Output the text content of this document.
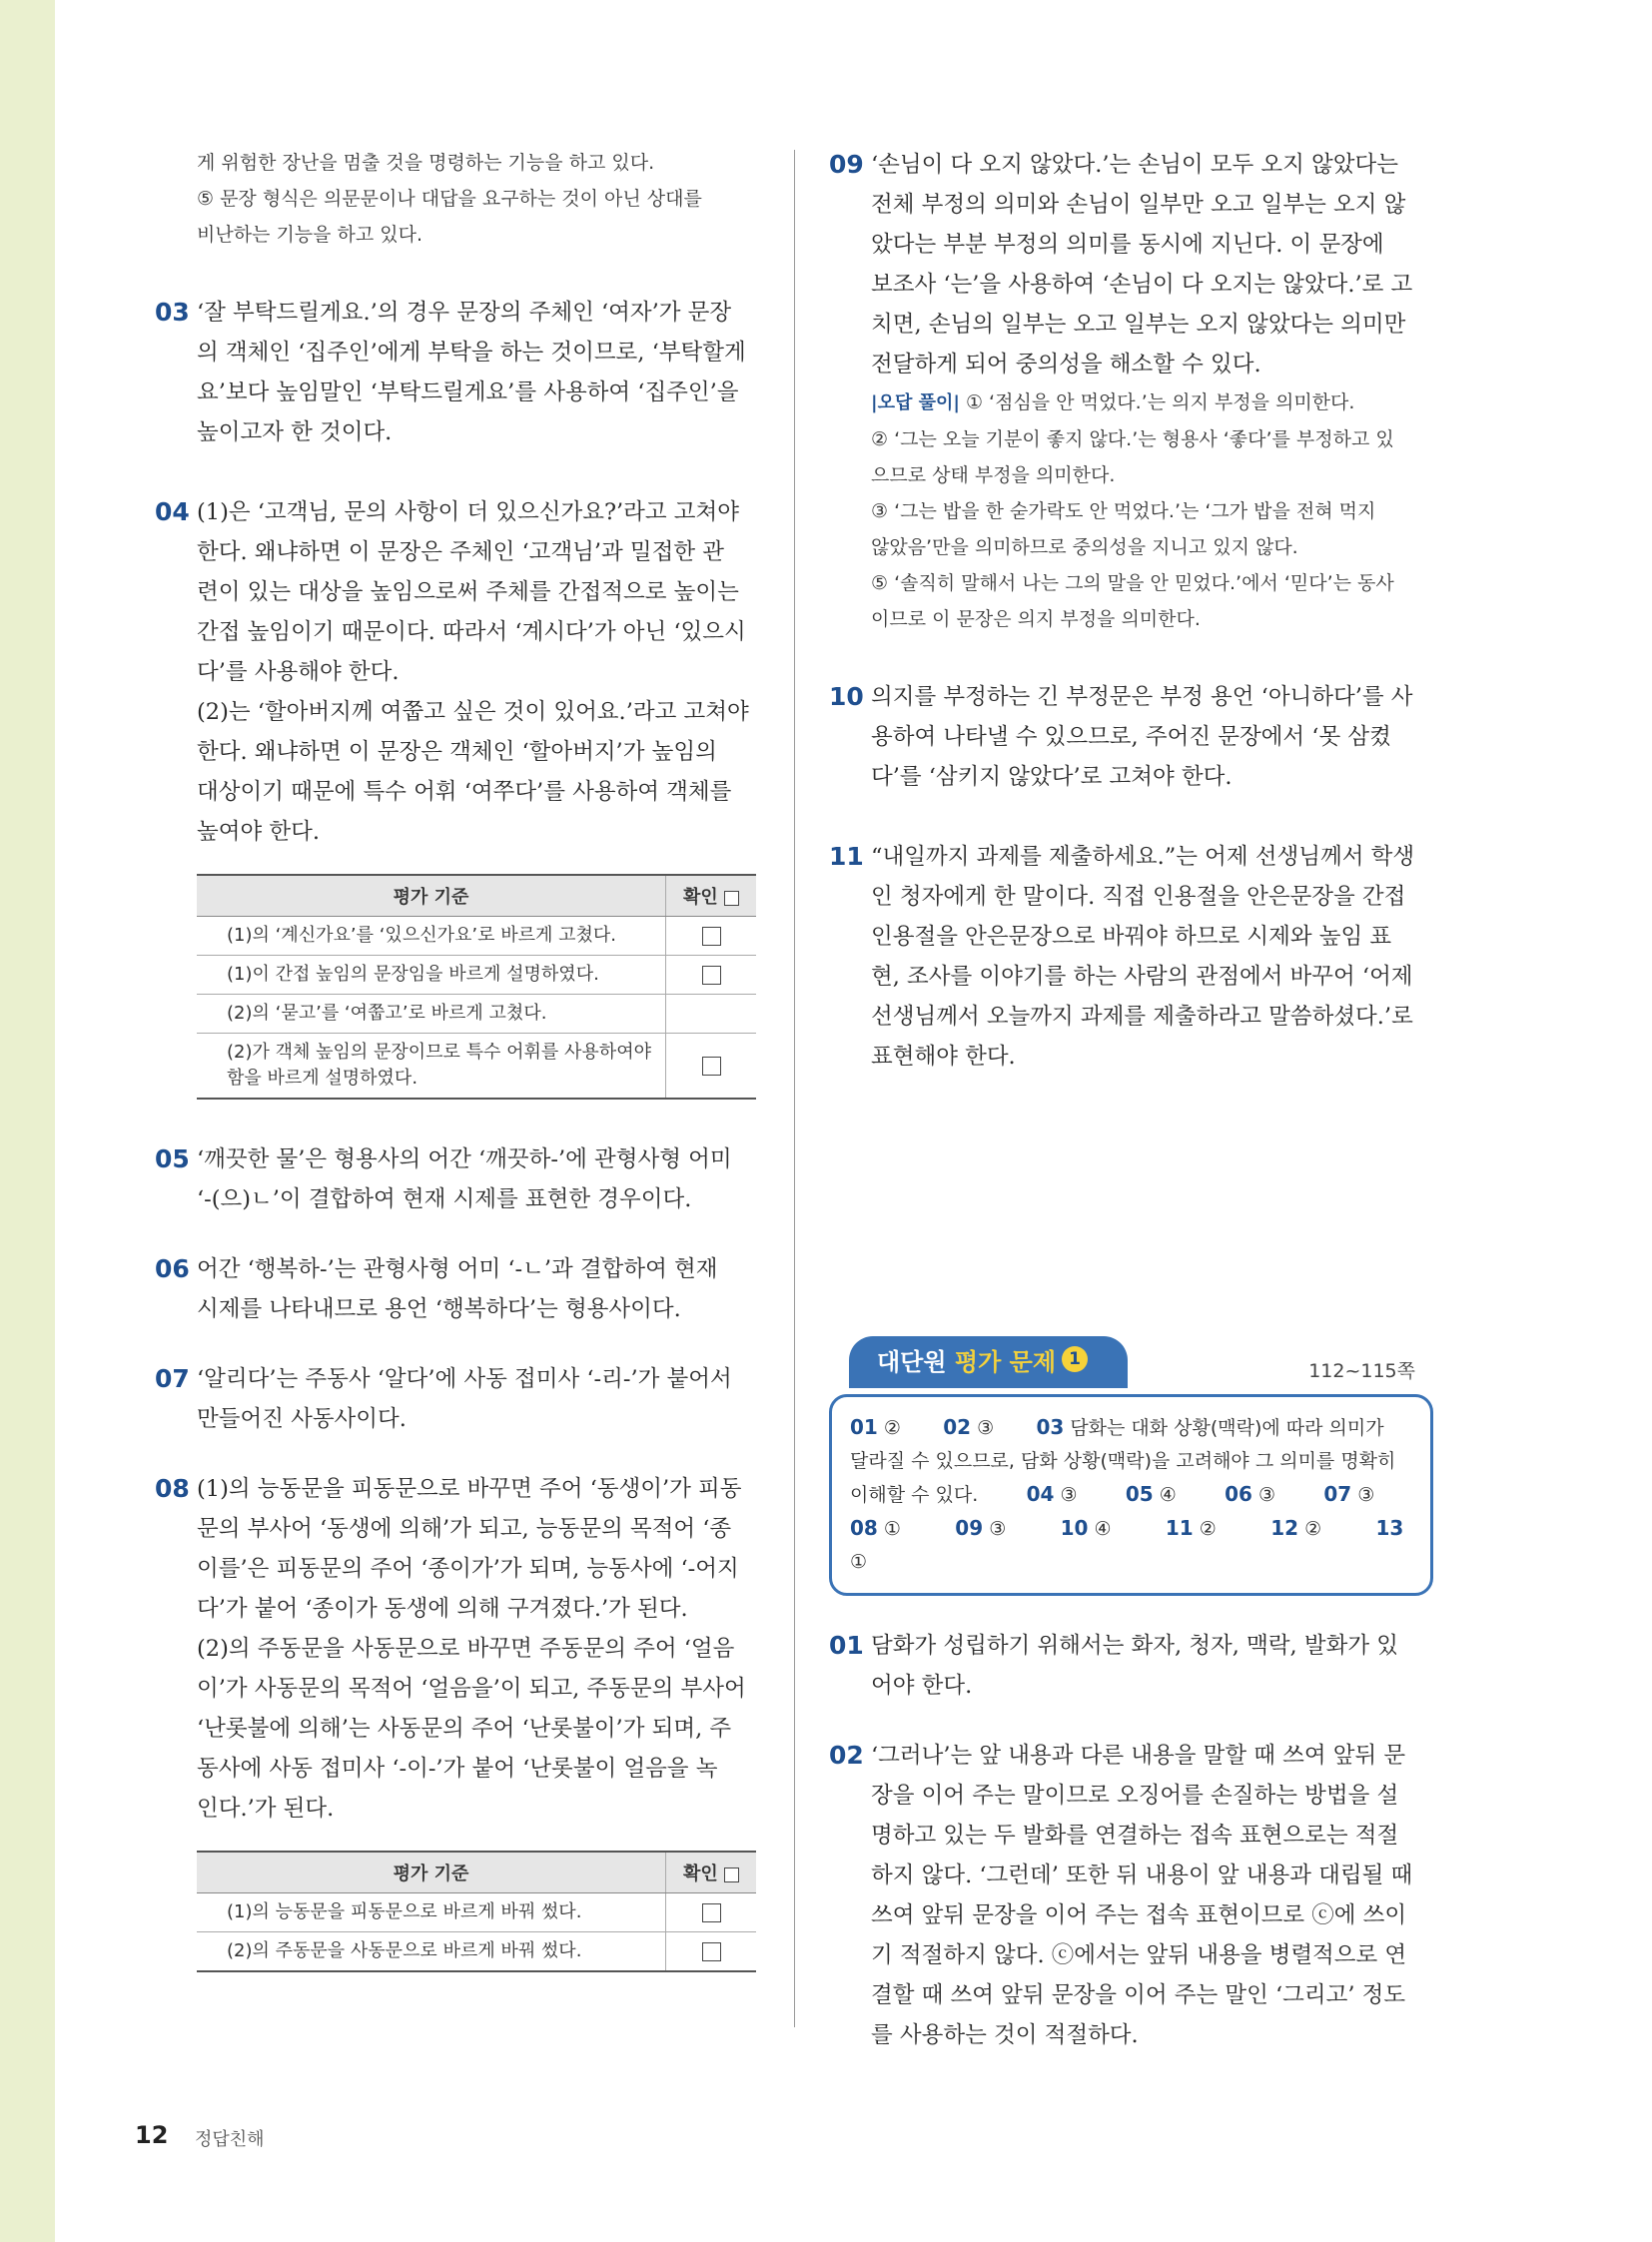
게 위험한 장난을 멈출 것을 명령하는 기능을 하고 있다.

⑤ 문장 형식은 의문문이나 대답을 요구하는 것이 아닌 상대를

비난하는 기능을 하고 있다.

03 ‘잘 부탁드릴게요.’의 경우 문장의 주체인 ‘여자’가 문장

의 객체인 ‘집주인’에게 부탁을 하는 것이므로, ‘부탁할게

요’보다 높임말인 ‘부탁드릴게요’를 사용하여 ‘집주인’을

높이고자 한 것이다.

04 (1)은 ‘고객님, 문의 사항이 더 있으신가요?’라고 고쳐야

한다. 왜냐하면 이 문장은 주체인 ‘고객님’과 밀접한 관

련이 있는 대상을 높임으로써 주체를 간접적으로 높이는

간접 높임이기 때문이다. 따라서 ‘계시다’가 아닌 ‘있으시

다’를 사용해야 한다.

(2)는 ‘할아버지께 여쭙고 싶은 것이 있어요.’라고 고쳐야

한다. 왜냐하면 이 문장은 객체인 ‘할아버지’가 높임의

대상이기 때문에 특수 어휘 ‘여쭈다’를 사용하여 객체를

높여야 한다.

평가 기준	확인
(1)의 ‘계신가요’를 ‘있으신가요’로 바르게 고쳤다.	
(1)이 간접 높임의 문장임을 바르게 설명하였다.	
(2)의 ‘묻고’를 ‘여쭙고’로 바르게 고쳤다.	
(2)가 객체 높임의 문장이므로 특수 어휘를 사용하여야 함을 바르게 설명하였다.	
05 ‘깨끗한 물’은 형용사의 어간 ‘깨끗하-’에 관형사형 어미

‘-(으)ㄴ’이 결합하여 현재 시제를 표현한 경우이다.

06 어간 ‘행복하-’는 관형사형 어미 ‘-ㄴ’과 결합하여 현재

시제를 나타내므로 용언 ‘행복하다’는 형용사이다.

07 ‘알리다’는 주동사 ‘알다’에 사동 접미사 ‘-리-’가 붙어서

만들어진 사동사이다.

08 (1)의 능동문을 피동문으로 바꾸면 주어 ‘동생이’가 피동

문의 부사어 ‘동생에 의해’가 되고, 능동문의 목적어 ‘종

이를’은 피동문의 주어 ‘종이가’가 되며, 능동사에 ‘-어지

다’가 붙어 ‘종이가 동생에 의해 구겨졌다.’가 된다.

(2)의 주동문을 사동문으로 바꾸면 주동문의 주어 ‘얼음

이’가 사동문의 목적어 ‘얼음을’이 되고, 주동문의 부사어

‘난롯불에 의해’는 사동문의 주어 ‘난롯불이’가 되며, 주

동사에 사동 접미사 ‘-이-’가 붙어 ‘난롯불이 얼음을 녹

인다.’가 된다.

평가 기준	확인
(1)의 능동문을 피동문으로 바르게 바꿔 썼다.	
(2)의 주동문을 사동문으로 바르게 바꿔 썼다.	
09 ‘손님이 다 오지 않았다.’는 손님이 모두 오지 않았다는

전체 부정의 의미와 손님이 일부만 오고 일부는 오지 않

았다는 부분 부정의 의미를 동시에 지닌다. 이 문장에

보조사 ‘는’을 사용하여 ‘손님이 다 오지는 않았다.’로 고

치면, 손님의 일부는 오고 일부는 오지 않았다는 의미만

전달하게 되어 중의성을 해소할 수 있다.

|오답 풀이| ① ‘점심을 안 먹었다.’는 의지 부정을 의미한다.

② ‘그는 오늘 기분이 좋지 않다.’는 형용사 ‘좋다’를 부정하고 있

으므로 상태 부정을 의미한다.

③ ‘그는 밥을 한 숟가락도 안 먹었다.’는 ‘그가 밥을 전혀 먹지

않았음’만을 의미하므로 중의성을 지니고 있지 않다.

⑤ ‘솔직히 말해서 나는 그의 말을 안 믿었다.’에서 ‘믿다’는 동사

이므로 이 문장은 의지 부정을 의미한다.

10 의지를 부정하는 긴 부정문은 부정 용언 ‘아니하다’를 사

용하여 나타낼 수 있으므로, 주어진 문장에서 ‘못 삼켰

다’를 ‘삼키지 않았다’로 고쳐야 한다.

11 “내일까지 과제를 제출하세요.”는 어제 선생님께서 학생

인 청자에게 한 말이다. 직접 인용절을 안은문장을 간접

인용절을 안은문장으로 바꿔야 하므로 시제와 높임 표

현, 조사를 이야기를 하는 사람의 관점에서 바꾸어 ‘어제

선생님께서 오늘까지 과제를 제출하라고 말씀하셨다.’로

표현해야 한다.

대단원 평가 문제 1
112~115쪽
01 ② 02 ③ 03 담화는 대화 상황(맥락)에 따라 의미가
달라질 수 있으므로, 담화 상황(맥락)을 고려해야 그 의미를 명확히
이해할 수 있다. 04 ③ 05 ④ 06 ③ 07 ③
08 ①	09 ③	10 ④	11 ②	12 ②	13 ①
01 담화가 성립하기 위해서는 화자, 청자, 맥락, 발화가 있

어야 한다.

02 ‘그러나’는 앞 내용과 다른 내용을 말할 때 쓰여 앞뒤 문

장을 이어 주는 말이므로 오징어를 손질하는 방법을 설

명하고 있는 두 발화를 연결하는 접속 표현으로는 적절

하지 않다. ‘그런데’ 또한 뒤 내용이 앞 내용과 대립될 때

쓰여 앞뒤 문장을 이어 주는 접속 표현이므로 ⓒ에 쓰이

기 적절하지 않다. ⓒ에서는 앞뒤 내용을 병렬적으로 연

결할 때 쓰여 앞뒤 문장을 이어 주는 말인 ‘그리고’ 정도

를 사용하는 것이 적절하다.

12 정답친해
